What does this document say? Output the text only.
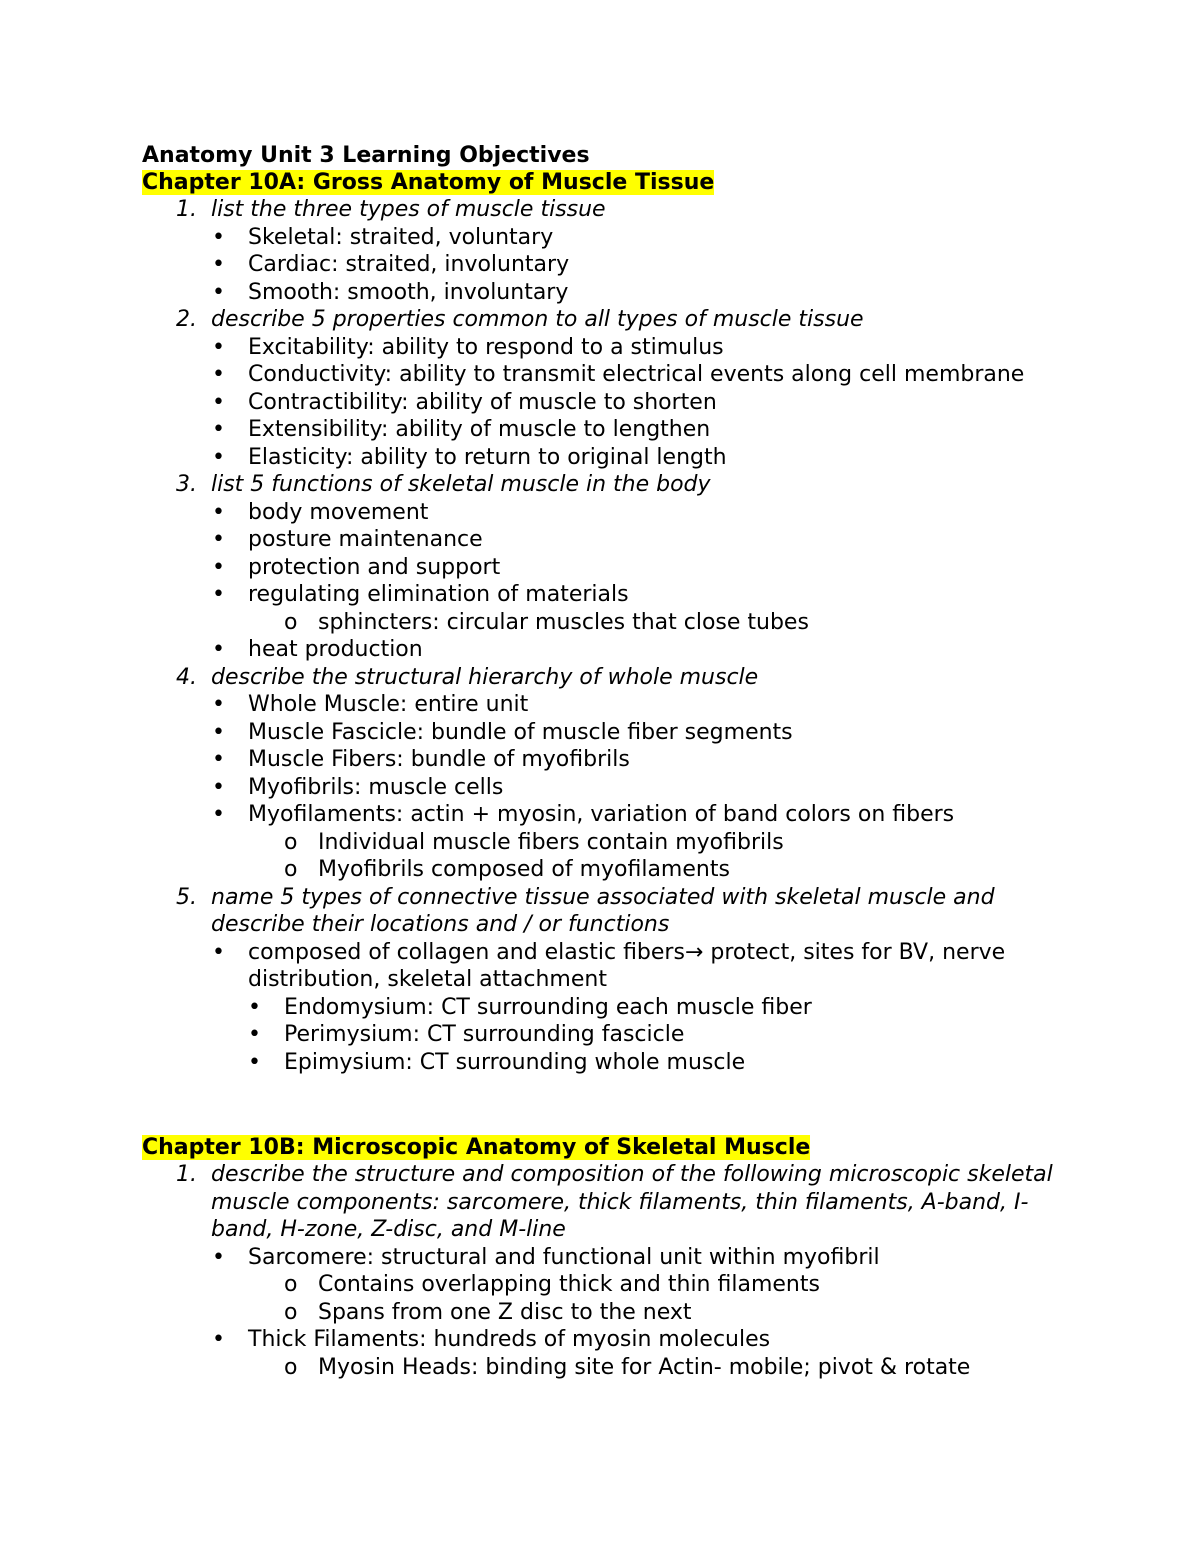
Anatomy Unit 3 Learning Objectives
Chapter 10A: Gross Anatomy of Muscle Tissue
1. list the three types of muscle tissue
• Skeletal: straited, voluntary
• Cardiac: straited, involuntary
• Smooth: smooth, involuntary
2. describe 5 properties common to all types of muscle tissue
• Excitability: ability to respond to a stimulus
• Conductivity: ability to transmit electrical events along cell membrane
• Contractibility: ability of muscle to shorten
• Extensibility: ability of muscle to lengthen
• Elasticity: ability to return to original length
3. list 5 functions of skeletal muscle in the body
• body movement
• posture maintenance
• protection and support
• regulating elimination of materials
o sphincters: circular muscles that close tubes
• heat production
4. describe the structural hierarchy of whole muscle
• Whole Muscle: entire unit
• Muscle Fascicle: bundle of muscle fiber segments
• Muscle Fibers: bundle of myofibrils
• Myofibrils: muscle cells
• Myofilaments: actin + myosin, variation of band colors on fibers
o Individual muscle fibers contain myofibrils
o Myofibrils composed of myofilaments
5. name 5 types of connective tissue associated with skeletal muscle and describe their locations and / or functions
• composed of collagen and elastic fibers→ protect, sites for BV, nerve distribution, skeletal attachment
• Endomysium: CT surrounding each muscle fiber
• Perimysium: CT surrounding fascicle
• Epimysium: CT surrounding whole muscle
Chapter 10B: Microscopic Anatomy of Skeletal Muscle
1. describe the structure and composition of the following microscopic skeletal muscle components: sarcomere, thick filaments, thin filaments, A-band, I-band, H-zone, Z-disc, and M-line
• Sarcomere: structural and functional unit within myofibril
o Contains overlapping thick and thin filaments
o Spans from one Z disc to the next
• Thick Filaments: hundreds of myosin molecules
o Myosin Heads: binding site for Actin- mobile; pivot & rotate
